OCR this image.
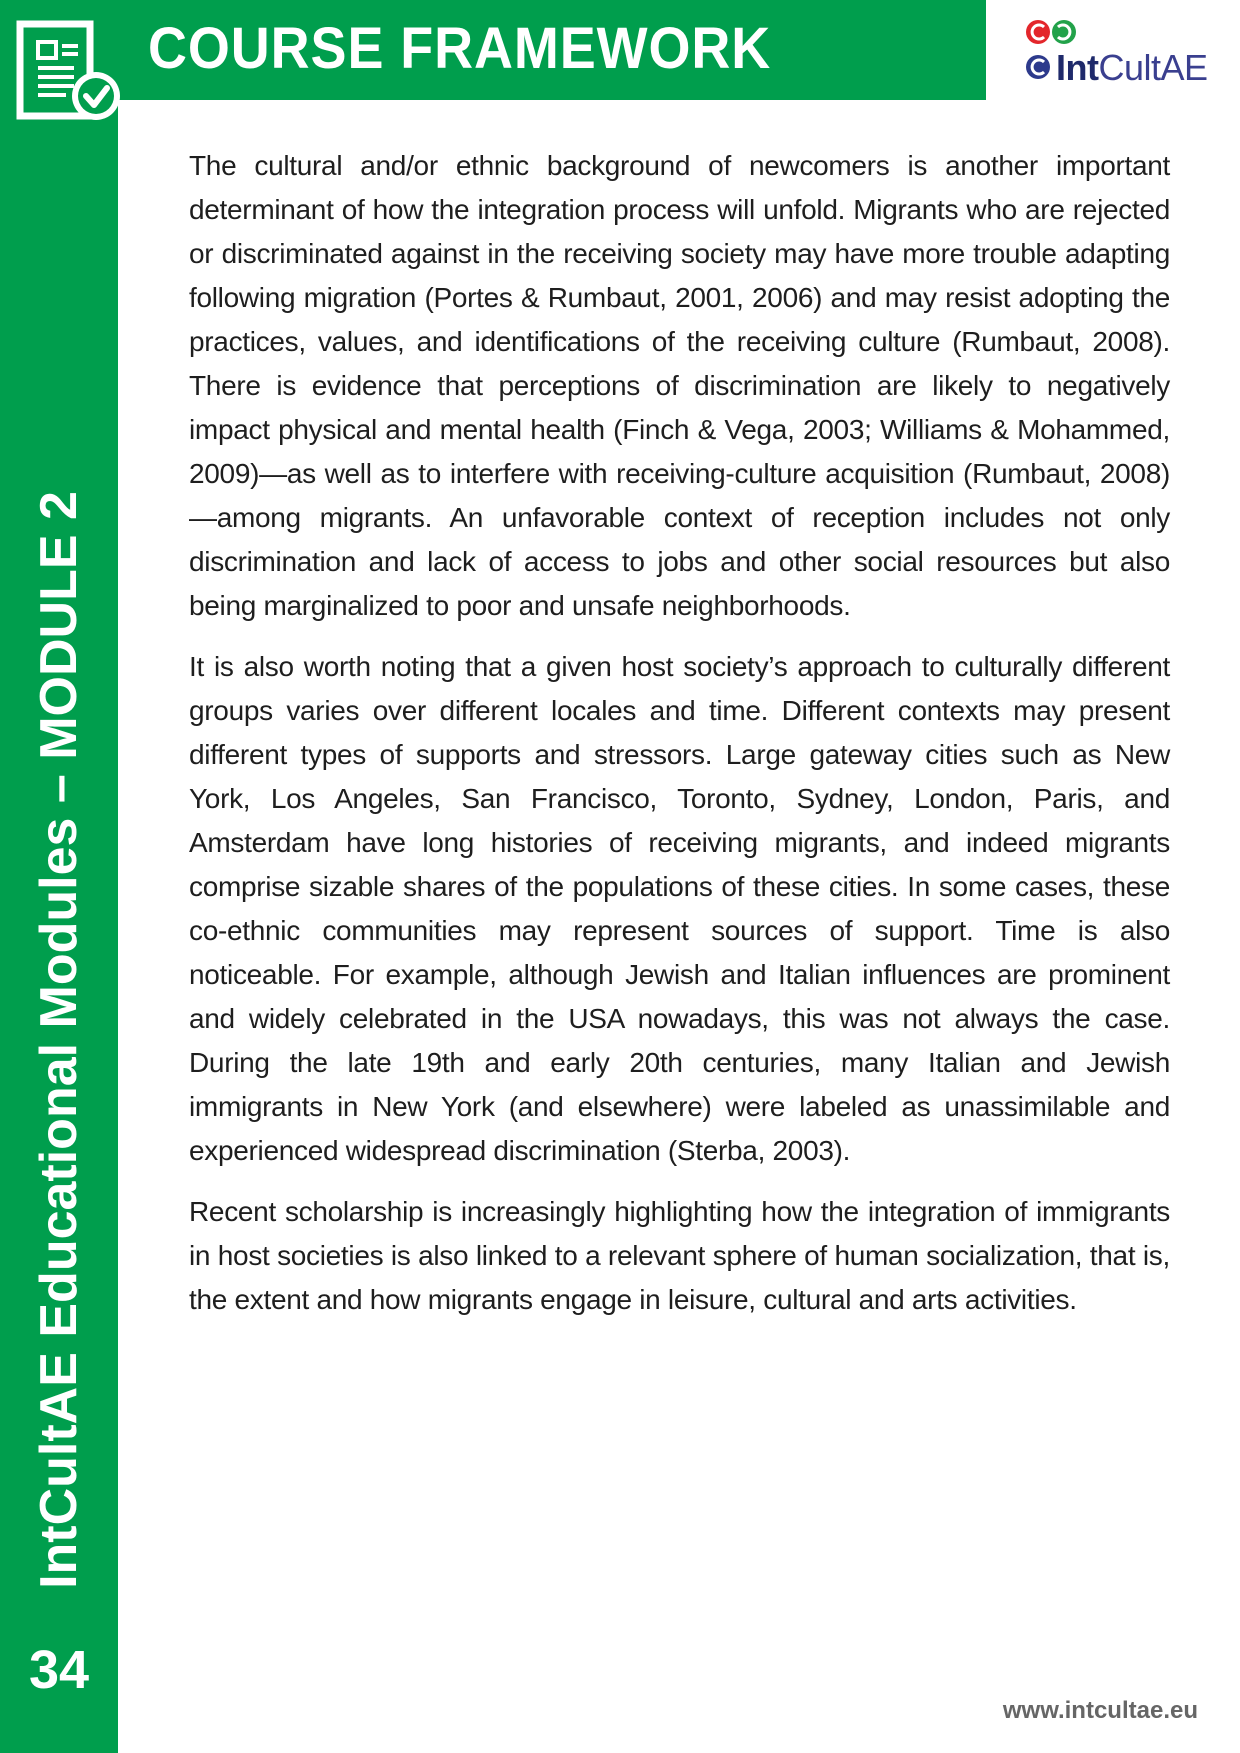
COURSE FRAMEWORK
IntCultAE Educational Modules – MODULE 2
34
IntCultAE

The cultural and/or ethnic background of newcomers is another important determinant of how the integration process will unfold. Migrants who are rejected or discriminated against in the receiving society may have more trouble adapting following migration (Portes & Rumbaut, 2001, 2006) and may resist adopting the practices, values, and identifications of the receiving culture (Rumbaut, 2008). There is evidence that perceptions of discrimination are likely to negatively impact physical and mental health (Finch & Vega, 2003; Williams & Mohammed, 2009)—as well as to interfere with receiving-culture acquisition (Rumbaut, 2008)—among migrants. An unfavorable context of reception includes not only discrimination and lack of access to jobs and other social resources but also being marginalized to poor and unsafe neighborhoods.

It is also worth noting that a given host society’s approach to culturally different groups varies over different locales and time. Different contexts may present different types of supports and stressors. Large gateway cities such as New York, Los Angeles, San Francisco, Toronto, Sydney, London, Paris, and Amsterdam have long histories of receiving migrants, and indeed migrants comprise sizable shares of the populations of these cities. In some cases, these co-ethnic communities may represent sources of support. Time is also noticeable. For example, although Jewish and Italian influences are prominent and widely celebrated in the USA nowadays, this was not always the case. During the late 19th and early 20th centuries, many Italian and Jewish immigrants in New York (and elsewhere) were labeled as unassimilable and experienced widespread discrimination (Sterba, 2003).

Recent scholarship is increasingly highlighting how the integration of immigrants in host societies is also linked to a relevant sphere of human socialization, that is, the extent and how migrants engage in leisure, cultural and arts activities.

www.intcultae.eu
